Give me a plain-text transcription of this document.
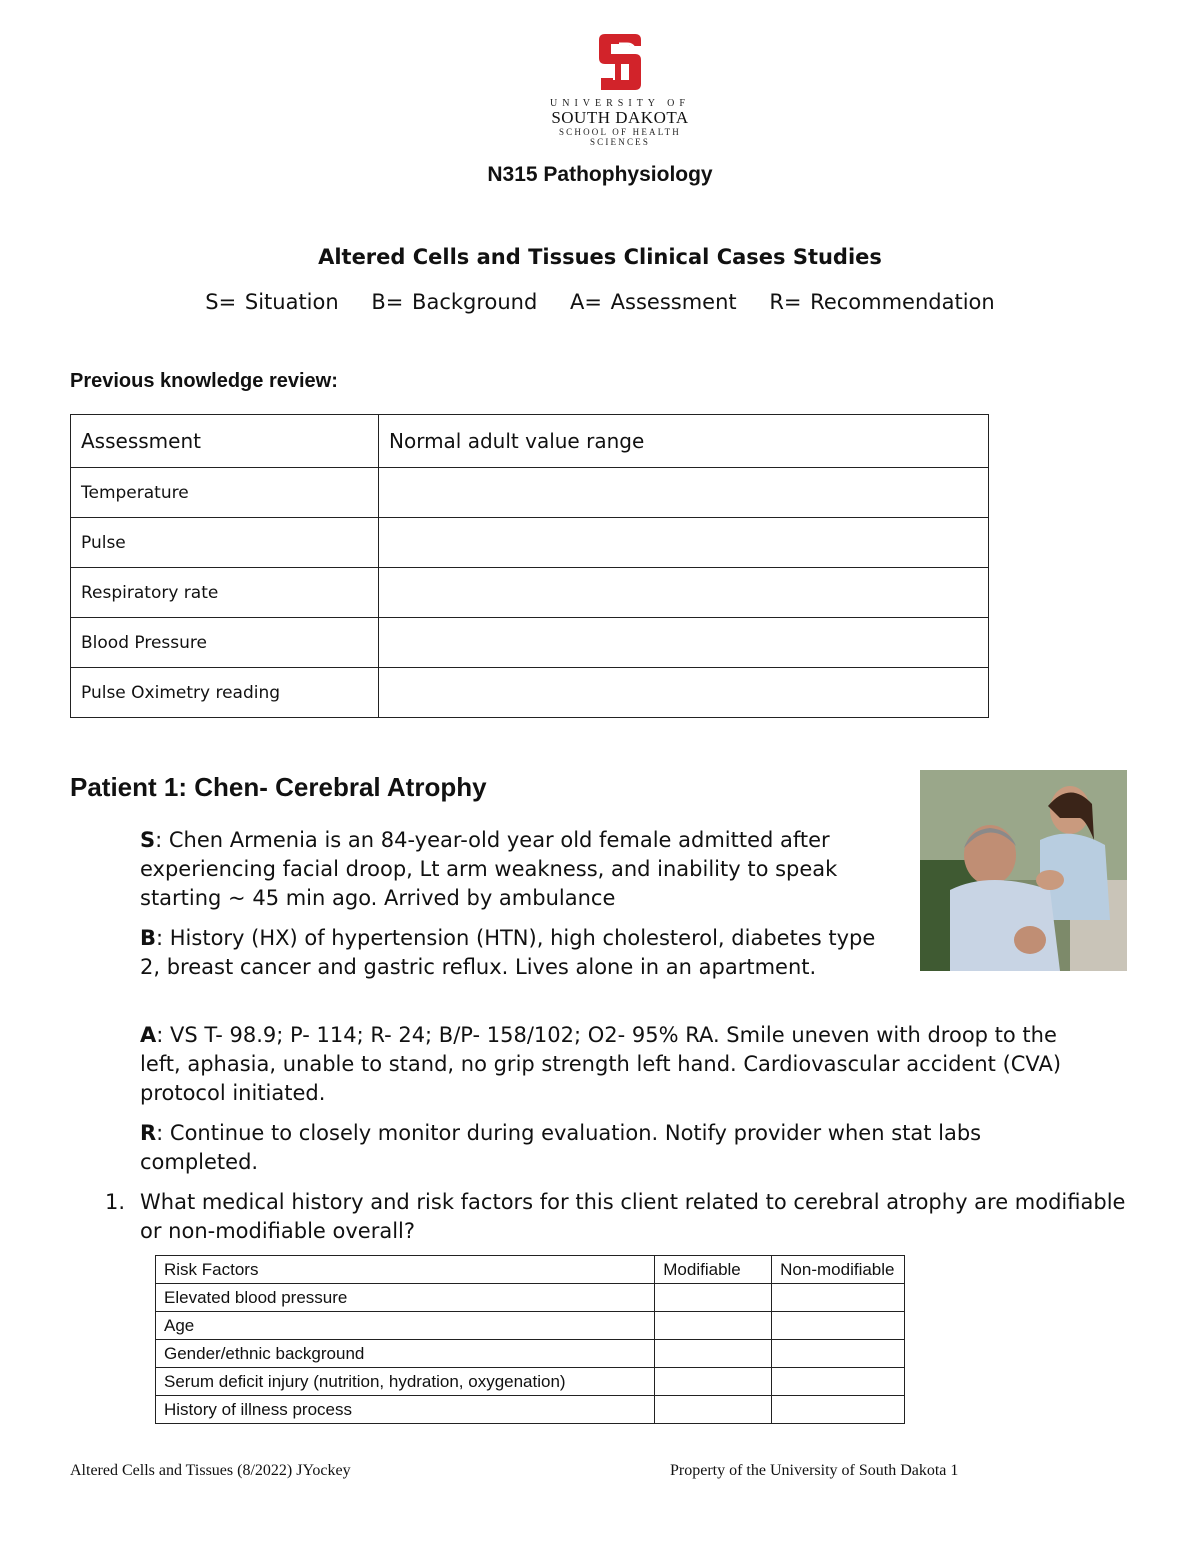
UNIVERSITY OF
SOUTH DAKOTA
SCHOOL OF HEALTH SCIENCES
N315 Pathophysiology
Altered Cells and Tissues Clinical Cases Studies
S= Situation B= Background A= Assessment R= Recommendation
Previous knowledge review:
Assessment	Normal adult value range
Temperature	
Pulse	
Respiratory rate	
Blood Pressure	
Pulse Oximetry reading	
Patient 1: Chen- Cerebral Atrophy
S: Chen Armenia is an 84-year-old year old female admitted after experiencing facial droop, Lt arm weakness, and inability to speak starting ~ 45 min ago. Arrived by ambulance
B: History (HX) of hypertension (HTN), high cholesterol, diabetes type 2, breast cancer and gastric reflux. Lives alone in an apartment.
A: VS T- 98.9; P- 114; R- 24; B/P- 158/102; O2- 95% RA. Smile uneven with droop to the left, aphasia, unable to stand, no grip strength left hand. Cardiovascular accident (CVA) protocol initiated.
R: Continue to closely monitor during evaluation. Notify provider when stat labs completed.
1. What medical history and risk factors for this client related to cerebral atrophy are modifiable or non-modifiable overall?
Risk Factors	Modifiable	Non-modifiable
Elevated blood pressure		
Age		
Gender/ethnic background		
Serum deficit injury (nutrition, hydration, oxygenation)		
History of illness process		
Altered Cells and Tissues (8/2022) JYockey	Property of the University of South Dakota 1
